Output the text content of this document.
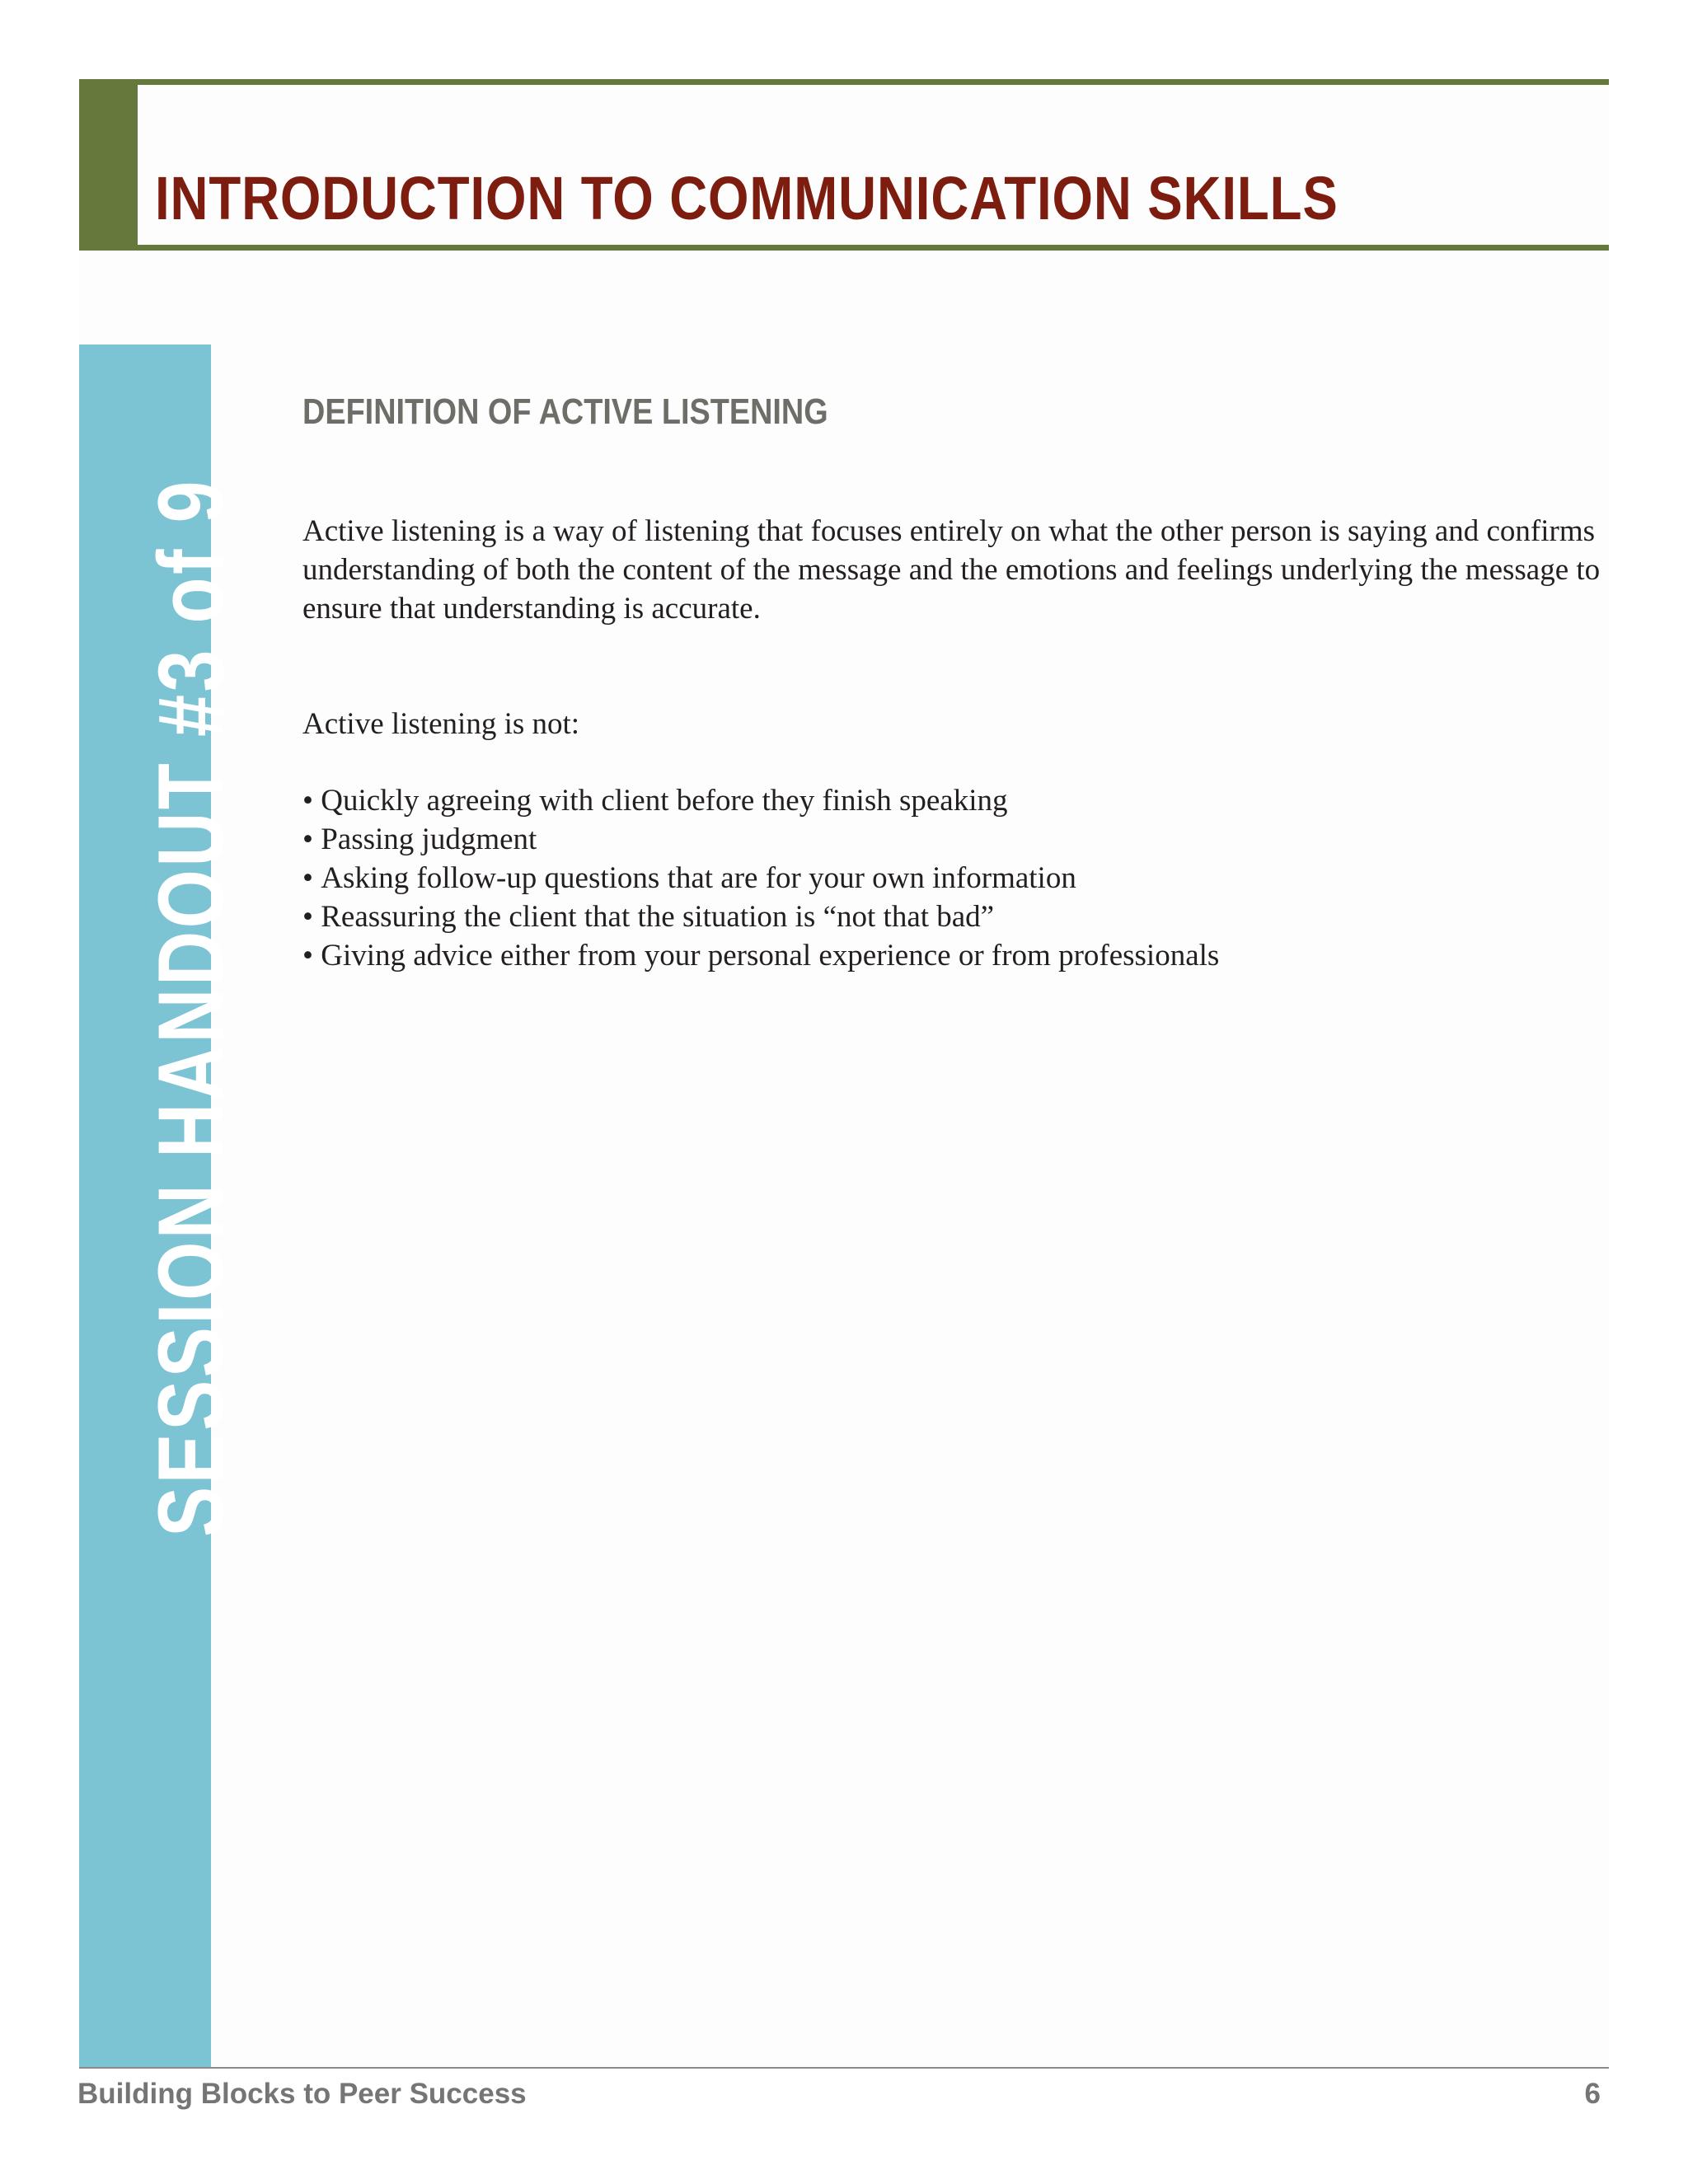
INTRODUCTION TO COMMUNICATION SKILLS
SESSION HANDOUT #3 of 9
DEFINITION OF ACTIVE LISTENING

Active listening is a way of listening that focuses entirely on what the other person is saying and confirms understanding of both the content of the message and the emotions and feelings underlying the message to ensure that understanding is accurate.

Active listening is not:

• Quickly agreeing with client before they finish speaking
• Passing judgment
• Asking follow-up questions that are for your own information
• Reassuring the client that the situation is “not that bad”
• Giving advice either from your personal experience or from professionals
Building Blocks to Peer Success	6
